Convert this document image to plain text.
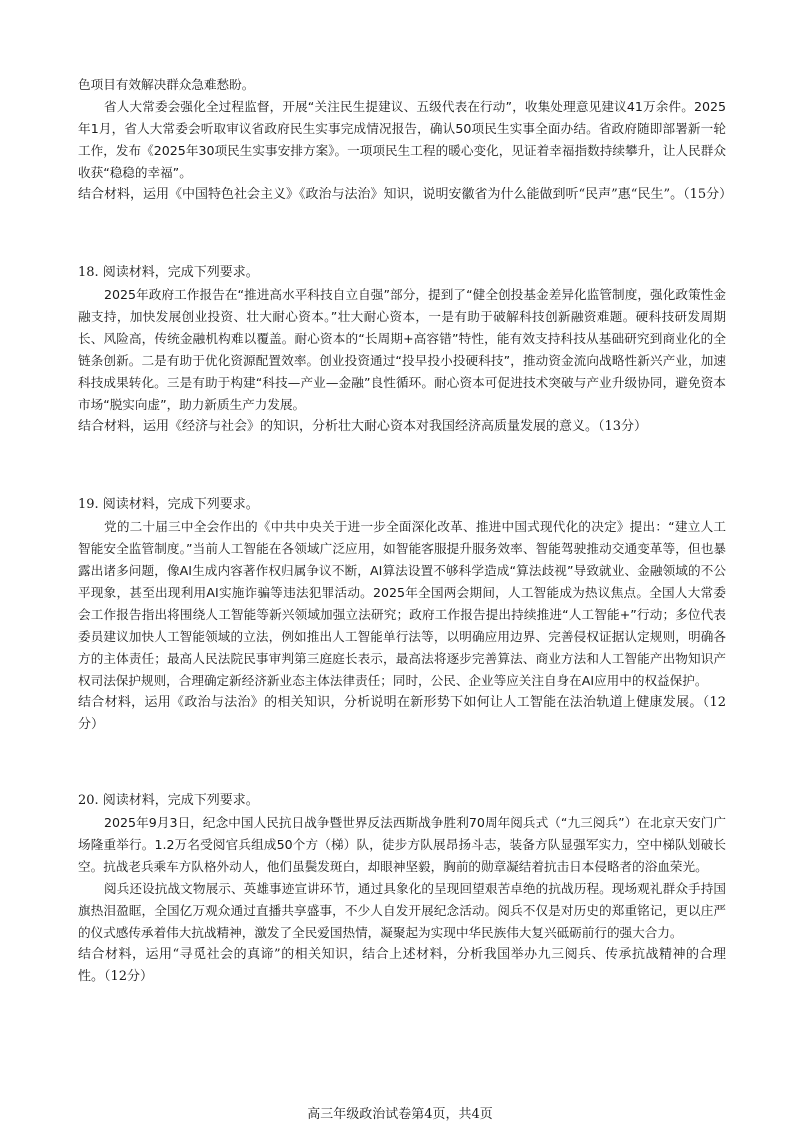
色项目有效解决群众急难愁盼。

省人大常委会强化全过程监督，开展“关注民生提建议、五级代表在行动”，收集处理意见建议41万余件。2025年1月，省人大常委会听取审议省政府民生实事完成情况报告，确认50项民生实事全面办结。省政府随即部署新一轮工作，发布《2025年30项民生实事安排方案》。一项项民生工程的暖心变化，见证着幸福指数持续攀升，让人民群众收获“稳稳的幸福”。

结合材料，运用《中国特色社会主义》《政治与法治》知识，说明安徽省为什么能做到听“民声”惠“民生”。（15分）

18. 阅读材料，完成下列要求。

2025年政府工作报告在“推进高水平科技自立自强”部分，提到了“健全创投基金差异化监管制度，强化政策性金融支持，加快发展创业投资、壮大耐心资本。”壮大耐心资本，一是有助于破解科技创新融资难题。硬科技研发周期长、风险高，传统金融机构难以覆盖。耐心资本的“长周期+高容错”特性，能有效支持科技从基础研究到商业化的全链条创新。二是有助于优化资源配置效率。创业投资通过“投早投小投硬科技”，推动资金流向战略性新兴产业，加速科技成果转化。三是有助于构建“科技—产业—金融”良性循环。耐心资本可促进技术突破与产业升级协同，避免资本市场“脱实向虚”，助力新质生产力发展。

结合材料，运用《经济与社会》的知识，分析壮大耐心资本对我国经济高质量发展的意义。（13分）

19. 阅读材料，完成下列要求。

党的二十届三中全会作出的《中共中央关于进一步全面深化改革、推进中国式现代化的决定》提出：“建立人工智能安全监管制度。”当前人工智能在各领域广泛应用，如智能客服提升服务效率、智能驾驶推动交通变革等，但也暴露出诸多问题，像AI生成内容著作权归属争议不断，AI算法设置不够科学造成“算法歧视”导致就业、金融领域的不公平现象，甚至出现利用AI实施诈骗等违法犯罪活动。2025年全国两会期间，人工智能成为热议焦点。全国人大常委会工作报告指出将围绕人工智能等新兴领域加强立法研究；政府工作报告提出持续推进“人工智能+”行动；多位代表委员建议加快人工智能领域的立法，例如推出人工智能单行法等，以明确应用边界、完善侵权证据认定规则，明确各方的主体责任；最高人民法院民事审判第三庭庭长表示，最高法将逐步完善算法、商业方法和人工智能产出物知识产权司法保护规则，合理确定新经济新业态主体法律责任；同时，公民、企业等应关注自身在AI应用中的权益保护。

结合材料，运用《政治与法治》的相关知识，分析说明在新形势下如何让人工智能在法治轨道上健康发展。（12分）

20. 阅读材料，完成下列要求。

2025年9月3日，纪念中国人民抗日战争暨世界反法西斯战争胜利70周年阅兵式（“九三阅兵”）在北京天安门广场隆重举行。1.2万名受阅官兵组成50个方（梯）队，徒步方队展昂扬斗志，装备方队显强军实力，空中梯队划破长空。抗战老兵乘车方队格外动人，他们虽鬓发斑白，却眼神坚毅，胸前的勋章凝结着抗击日本侵略者的浴血荣光。

阅兵还设抗战文物展示、英雄事迹宣讲环节，通过具象化的呈现回望艰苦卓绝的抗战历程。现场观礼群众手持国旗热泪盈眶，全国亿万观众通过直播共享盛事，不少人自发开展纪念活动。阅兵不仅是对历史的郑重铭记，更以庄严的仪式感传承着伟大抗战精神，激发了全民爱国热情，凝聚起为实现中华民族伟大复兴砥砺前行的强大合力。

结合材料，运用“寻觅社会的真谛”的相关知识，结合上述材料，分析我国举办九三阅兵、传承抗战精神的合理性。（12分）

高三年级政治试卷第4页，共4页
